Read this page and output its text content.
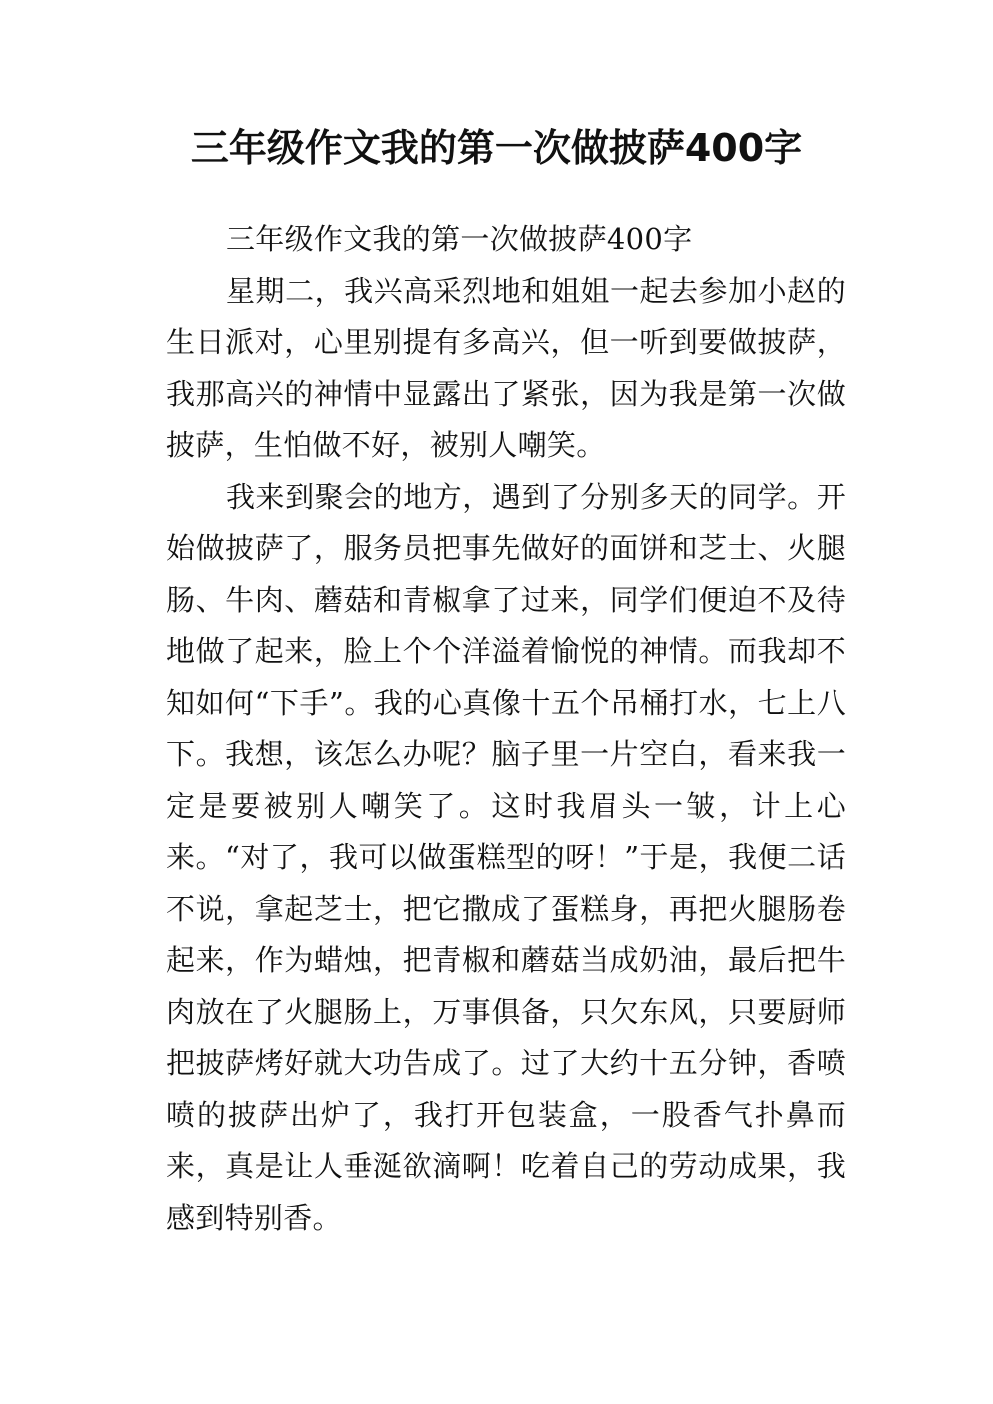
三年级作文我的第一次做披萨400字

三年级作文我的第一次做披萨400字

星期二，我兴高采烈地和姐姐一起去参加小赵的生日派对，心里别提有多高兴，但一听到要做披萨，我那高兴的神情中显露出了紧张，因为我是第一次做披萨，生怕做不好，被别人嘲笑。

我来到聚会的地方，遇到了分别多天的同学。开始做披萨了，服务员把事先做好的面饼和芝士、火腿肠、牛肉、蘑菇和青椒拿了过来，同学们便迫不及待地做了起来，脸上个个洋溢着愉悦的神情。而我却不知如何“下手”。我的心真像十五个吊桶打水，七上八下。我想，该怎么办呢？脑子里一片空白，看来我一定是要被别人嘲笑了。这时我眉头一皱，计上心来。“对了，我可以做蛋糕型的呀！”于是，我便二话不说，拿起芝士，把它撒成了蛋糕身，再把火腿肠卷起来，作为蜡烛，把青椒和蘑菇当成奶油，最后把牛肉放在了火腿肠上，万事俱备，只欠东风，只要厨师把披萨烤好就大功告成了。过了大约十五分钟，香喷喷的披萨出炉了，我打开包装盒，一股香气扑鼻而来，真是让人垂涎欲滴啊！吃着自己的劳动成果，我感到特别香。
